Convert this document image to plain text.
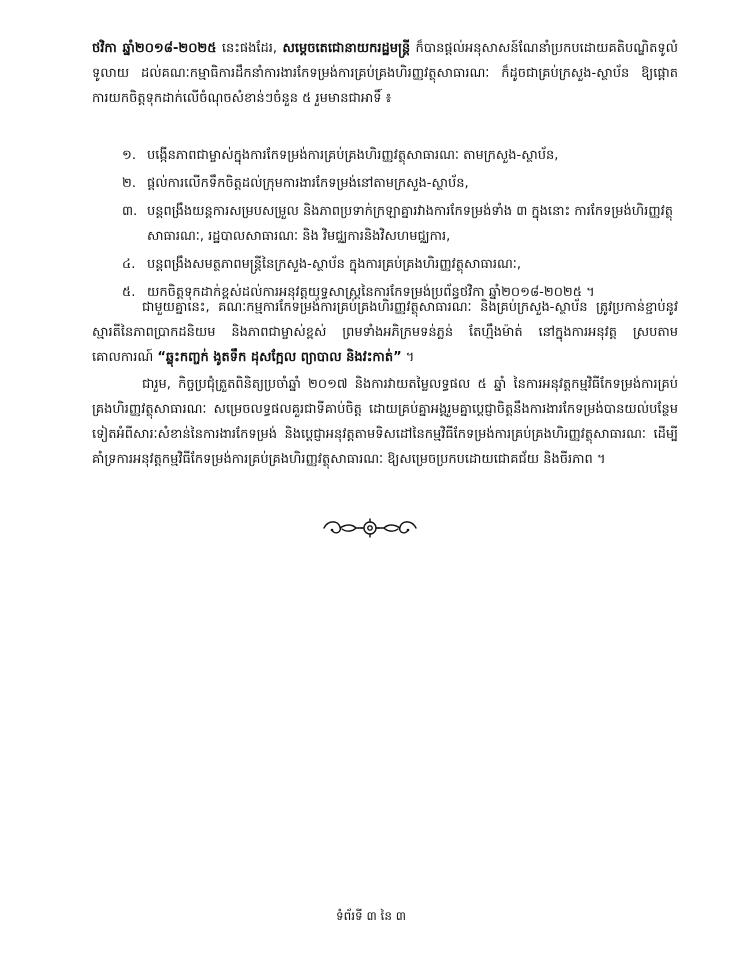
ថវិកា ឆ្នាំ២០១៨-២០២៥ នេះផងដែរ, សម្ដេចតេជោនាយករដ្ឋមន្ត្រី ក៏បានផ្ដល់អនុសាសន៍ណែនាំប្រកបដោយគតិបណ្ឌិតទូលំទូលាយ ដល់គណៈកម្មាធិការដឹកនាំការងារកែទម្រង់ការគ្រប់គ្រងហិរញ្ញវត្ថុសាធារណៈ ក៏ដូចជាគ្រប់ក្រសួង-ស្ថាប័ន ឱ្យផ្ដោតការយកចិត្តទុកដាក់លើចំណុចសំខាន់ៗចំនួន ៥ រួមមានជាអាទិ៍ ៖

១. បង្កើនភាពជាម្ចាស់ក្នុងការកែទម្រង់ការគ្រប់គ្រងហិរញ្ញវត្ថុសាធារណៈ តាមក្រសួង-ស្ថាប័ន,
២. ផ្ដល់ការលើកទឹកចិត្តដល់ក្រុមការងារកែទម្រង់នៅតាមក្រសួង-ស្ថាប័ន,
៣. បន្តពង្រឹងយន្តការសម្របសម្រួល និងភាពប្រទាក់ក្រឡាគ្នារវាងការកែទម្រង់ទាំង ៣ ក្នុងនោះ ការកែទម្រង់ហិរញ្ញវត្ថុសាធារណៈ, រដ្ឋបាលសាធារណៈ និង វិមជ្ឈការនិងវិសហមជ្ឈការ,
៤. បន្តពង្រឹងសមត្ថភាពមន្ត្រីនៃក្រសួង-ស្ថាប័ន ក្នុងការគ្រប់គ្រងហិរញ្ញវត្ថុសាធារណៈ,
៥. យកចិត្តទុកដាក់ខ្ពស់ដល់ការអនុវត្តយុទ្ធសាស្ត្រនៃការកែទម្រង់ប្រព័ន្ធថវិកា ឆ្នាំ២០១៨-២០២៥ ។

ជាមួយគ្នានេះ, គណៈកម្មការកែទម្រង់ការគ្រប់គ្រងហិរញ្ញវត្ថុសាធារណៈ និងគ្រប់ក្រសួង-ស្ថាប័ន ត្រូវប្រកាន់ខ្ជាប់នូវស្មារតីនៃភាពប្រាកដនិយម និងភាពជាម្ចាស់ខ្ពស់ ព្រមទាំងអភិក្រមទន់ភ្លន់ តែហ្មឹងម៉ាត់ នៅក្នុងការអនុវត្ត ស្របតាមគោលការណ៍ “ឆ្លុះកញ្ចក់ ងូតទឹក ដុសក្អែល ព្យាបាល និងវះកាត់” ។

ជារួម, កិច្ចប្រជុំត្រួតពិនិត្យប្រចាំឆ្នាំ ២០១៧ និងការវាយតម្លៃលទ្ធផល ៥ ឆ្នាំ នៃការអនុវត្តកម្មវិធីកែទម្រង់ការគ្រប់គ្រងហិរញ្ញវត្ថុសាធារណៈ សម្រេចលទ្ធផលគួរជាទីគាប់ចិត្ត ដោយគ្រប់គ្នាអង្គរួមគ្នាប្ដេជ្ញាចិត្តនឹងការងារកែទម្រង់បានយល់បន្ថែមទៀតអំពីសារៈសំខាន់នៃការងារកែទម្រង់ និងប្ដេជ្ញាអនុវត្តតាមទិសដៅនៃកម្មវិធីកែទម្រង់ការគ្រប់គ្រងហិរញ្ញវត្ថុសាធារណៈ ដើម្បីគាំទ្រការអនុវត្តកម្មវិធីកែទម្រង់ការគ្រប់គ្រងហិរញ្ញវត្ថុសាធារណៈ ឱ្យសម្រេចប្រកបដោយជោគជ័យ និងចីរភាព ។

ទំព័រទី ៣ នៃ ៣
